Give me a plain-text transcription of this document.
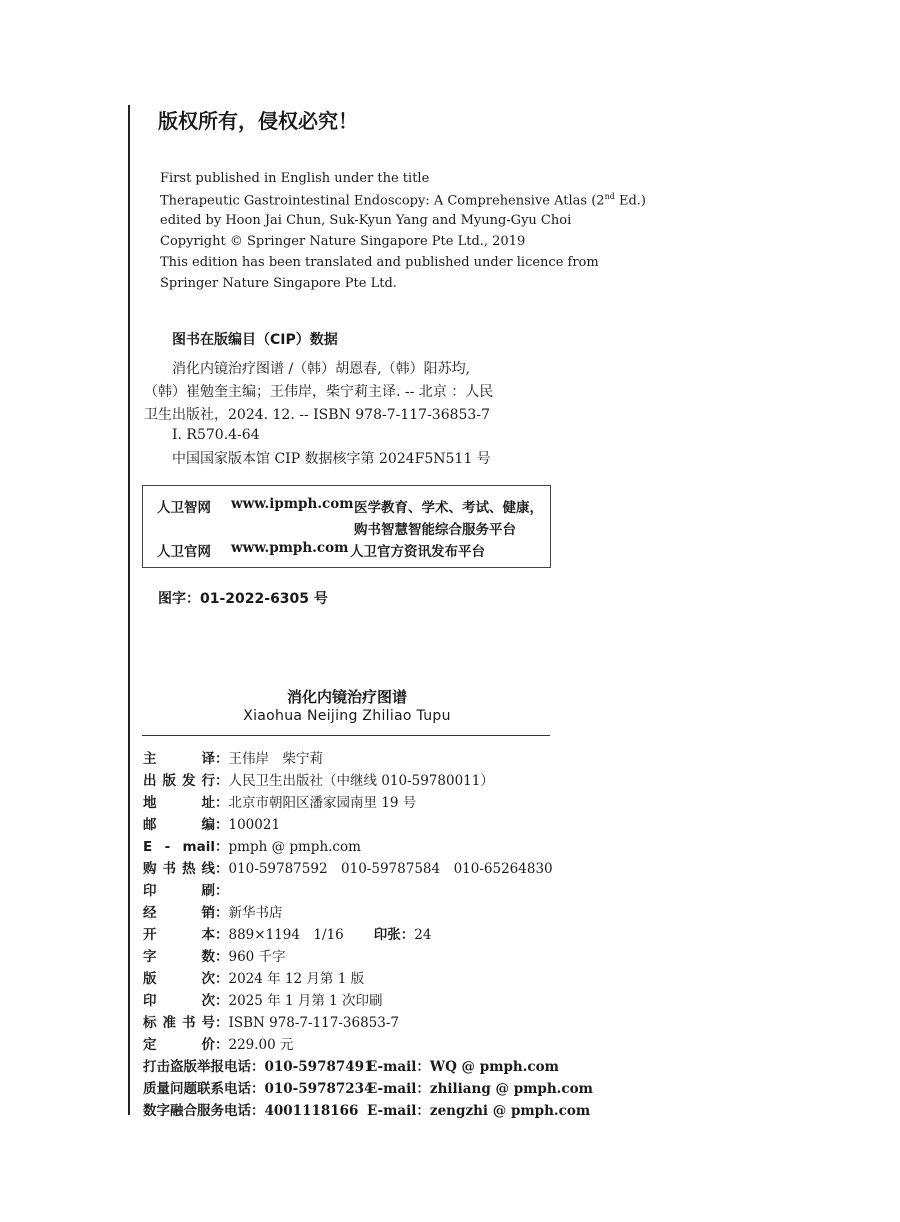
版权所有，侵权必究！
First published in English under the title
Therapeutic Gastrointestinal Endoscopy: A Comprehensive Atlas (2nd Ed.)
edited by Hoon Jai Chun, Suk-Kyun Yang and Myung-Gyu Choi
Copyright © Springer Nature Singapore Pte Ltd., 2019
This edition has been translated and published under licence from
Springer Nature Singapore Pte Ltd.
图书在版编目（CIP）数据
消化内镜治疗图谱 /（韩）胡恩春,（韩）阳苏均,
（韩）崔勉奎主编；王伟岸，柴宁莉主译. -- 北京 ：人民
卫生出版社，2024. 12. -- ISBN 978-7-117-36853-7
Ⅰ. R570.4-64
中国国家版本馆 CIP 数据核字第 2024F5N511 号
人卫智网 www.ipmph.com 医学教育、学术、考试、健康，
购书智慧智能综合服务平台
人卫官网 www.pmph.com 人卫官方资讯发布平台
图字：01-2022-6305 号
消化内镜治疗图谱
Xiaohua Neijing Zhiliao Tupu
主　　译：王伟岸　柴宁莉
出版发行：人民卫生出版社（中继线 010-59780011）
地　　址：北京市朝阳区潘家园南里 19 号
邮　　编：100021
E - mail：pmph @ pmph.com
购书热线：010-59787592　010-59787584　010-65264830
印　　刷：
经　　销：新华书店
开　　本：889×1194　1/16 印张：24
字　　数：960 千字
版　　次：2024 年 12 月第 1 版
印　　次：2025 年 1 月第 1 次印刷
标准书号：ISBN 978-7-117-36853-7
定　　价：229.00 元
打击盗版举报电话：010-59787491
E-mail：WQ @ pmph.com
质量问题联系电话：010-59787234
E-mail：zhiliang @ pmph.com
数字融合服务电话：4001118166 E-mail：zengzhi @ pmph.com
